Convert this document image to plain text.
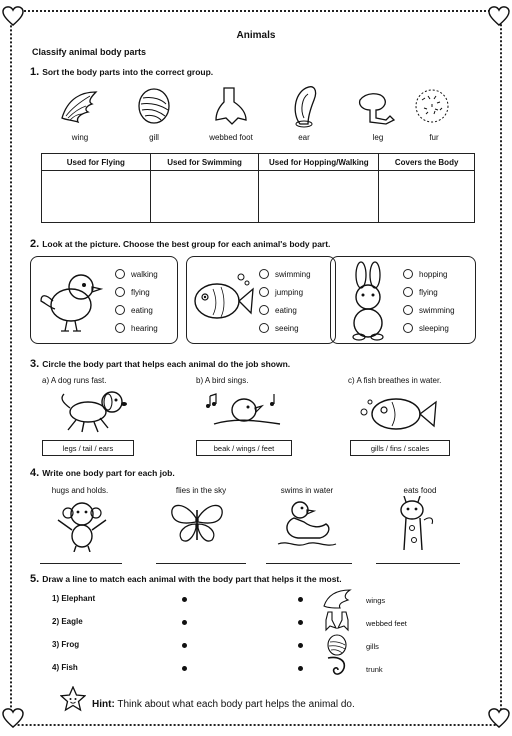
Animals
Classify animal body parts
1. Sort the body parts into the correct group.
wing	gill	webbed foot	ear	leg	fur
Used for Flying	Used for Swimming	Used for Hopping/Walking	Covers the Body

2. Look at the picture. Choose the best group for each animal's body part.
walking
flying
eating
hearing
swimming
jumping
eating
seeing
hopping
flying
swimming
sleeping
3. Circle the body part that helps each animal do the job shown.
a) A dog runs fast.	b) A bird sings.	c) A fish breathes in water.
legs / tail / ears	beak / wings / feet	gills / fins / scales
4. Write one body part for each job.
hugs and holds.	flies in the sky	swims in water	eats food
5. Draw a line to match each animal with the body part that helps it the most.
1) Elephant
2) Eagle
3) Frog
4) Fish
wings
webbed feet
gills
trunk
Hint: Think about what each body part helps the animal do.
